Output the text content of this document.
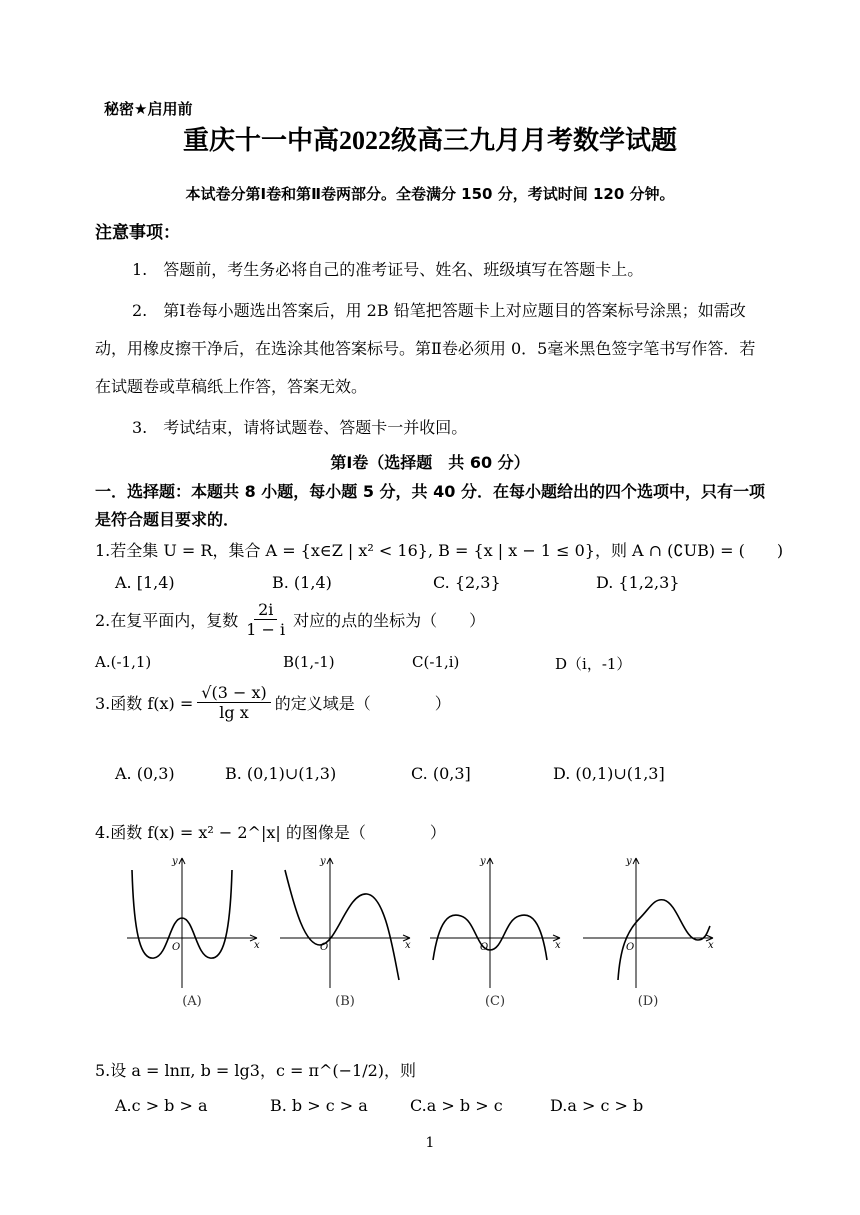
秘密★启用前
重庆十一中高2022级高三九月月考数学试题
本试卷分第Ⅰ卷和第Ⅱ卷两部分。全卷满分 150 分，考试时间 120 分钟。
注意事项：
1.　答题前，考生务必将自己的准考证号、姓名、班级填写在答题卡上。
2.　第Ⅰ卷每小题选出答案后，用 2B 铅笔把答题卡上对应题目的答案标号涂黑；如需改动，用橡皮擦干净后，在选涂其他答案标号。第Ⅱ卷必须用 0．5毫米黑色签字笔书写作答．若在试题卷或草稿纸上作答，答案无效。
3.　考试结束，请将试题卷、答题卡一并收回。
第Ⅰ卷（选择题　共 60 分）
一．选择题：本题共 8 小题，每小题 5 分，共 40 分．在每小题给出的四个选项中，只有一项是符合题目要求的．
1.若全集 U = R，集合 A = {x∈Z | x² < 16}, B = {x | x − 1 ≤ 0}，则 A ∩ (∁UB) = (　　)
A. [1,4)	B. (1,4)	C. {2,3}	D. {1,2,3}
2.在复平面内，复数 $\frac{2i}{1 - i}$ 对应的点的坐标为（　　）
A.(-1,1)	B(1,-1)	C(-1,i)	D（i，-1）
3.函数 $f(x) = \frac{√(3 - x)}{\text{lg x}}$ 的定义域是（　　　　）
A. (0,3)	B. (0,1)∪(1,3)	C. (0,3]	D. (0,1)∪(1,3]
4.函数 f(x) = x² − 2^|x| 的图像是（　　　　）
O	x
y
(A)
O	x
y
(B)
O	x
y
(C)
O	x
y
(D)
5.设 a = lnπ, b = lg3，c = π^(−1/2)，则
A.c > b > a	B. b > c > a	C.a > b > c	D.a > c > b
1
